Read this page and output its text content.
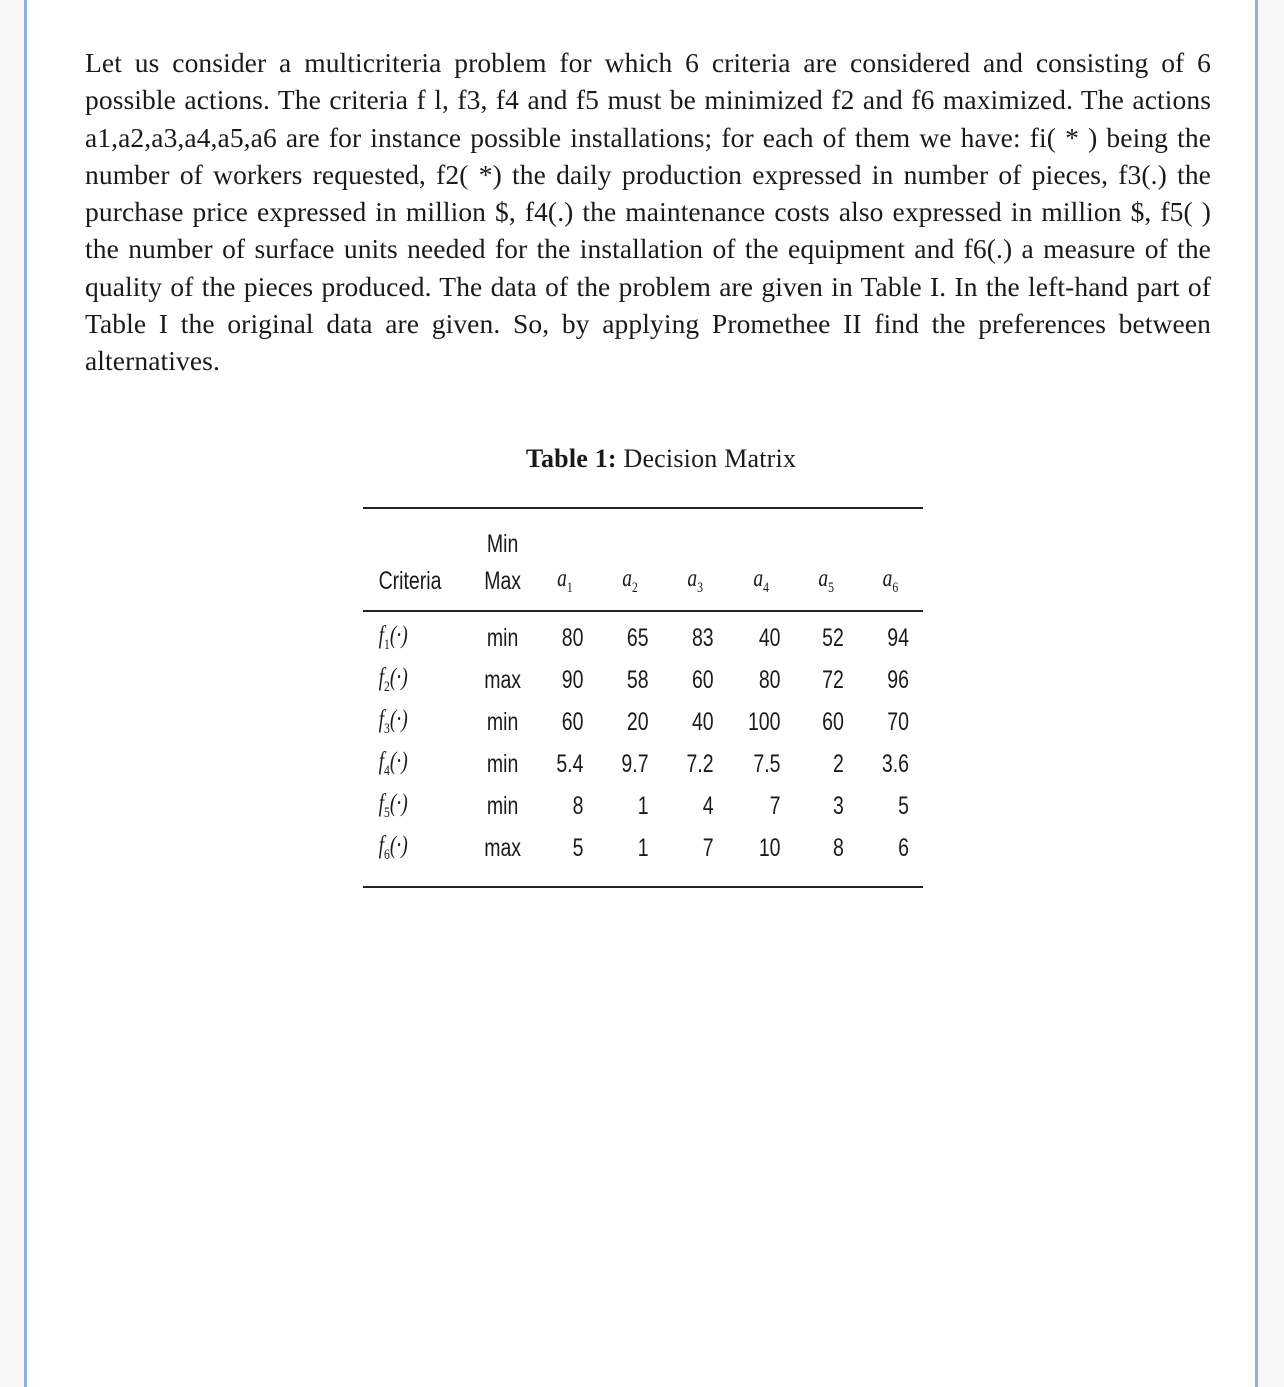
Let us consider a multicriteria problem for which 6 criteria are considered and consisting of 6 possible actions. The criteria f l, f3, f4 and f5 must be minimized f2 and f6 maximized. The actions a1,a2,a3,a4,a5,a6 are for instance possible installations; for each of them we have: fi( * ) being the number of workers requested, f2( *) the daily production expressed in number of pieces, f3(.) the purchase price expressed in million $, f4(.) the maintenance costs also expressed in million $, f5( ) the number of surface units needed for the installation of the equipment and f6(.) a measure of the quality of the pieces produced. The data of the problem are given in Table I. In the left-hand part of Table I the original data are given. So, by applying Promethee II find the preferences between alternatives.

Table 1: Decision Matrix

	Min						
Criteria	Max	$a_1$	$a_2$	$a_3$	$a_4$	$a_5$	$a_6$

$f_1(\cdot)$	min	80	65	83	40	52	94
$f_2(\cdot)$	max	90	58	60	80	72	96
$f_3(\cdot)$	min	60	20	40	100	60	70
$f_4(\cdot)$	min	5.4	9.7	7.2	7.5	2	3.6
$f_5(\cdot)$	min	8	1	4	7	3	5
$f_6(\cdot)$	max	5	1	7	10	8	6
